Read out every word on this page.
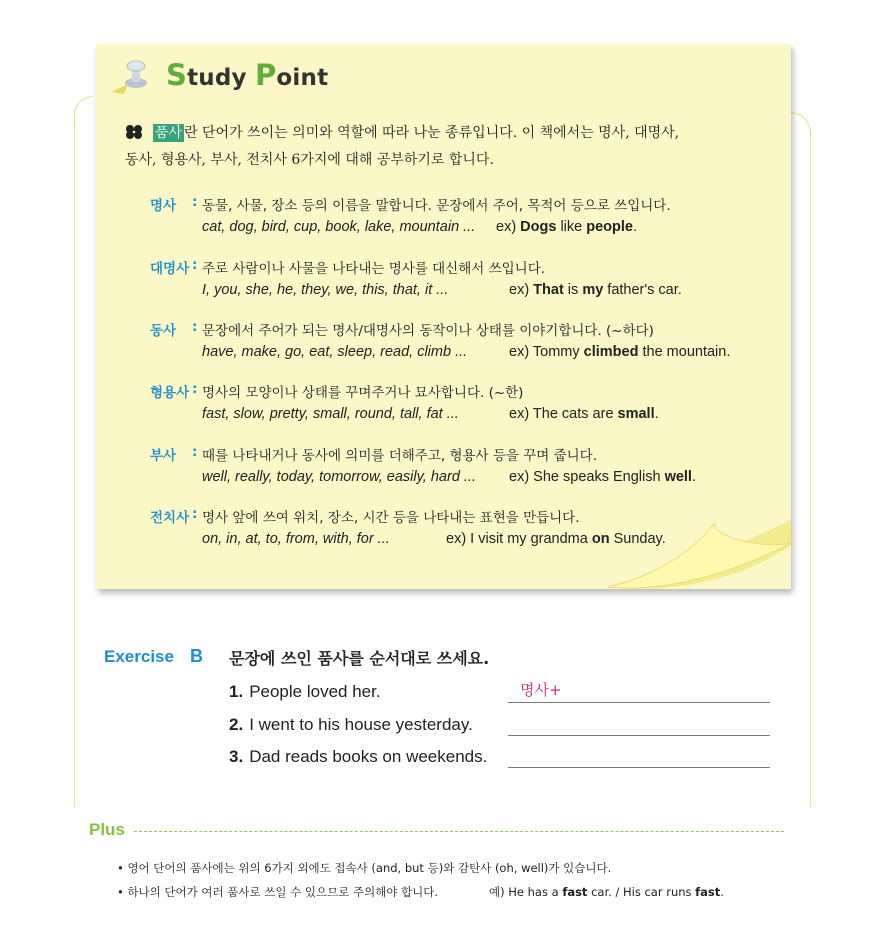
Study Point
품사 란 단어가 쓰이는 의미와 역할에 따라 나눈 종류입니다. 이 책에서는 명사, 대명사,
동사, 형용사, 부사, 전치사 6가지에 대해 공부하기로 합니다.
명사 : 동물, 사물, 장소 등의 이름을 말합니다. 문장에서 주어, 목적어 등으로 쓰입니다.
cat, dog, bird, cup, book, lake, mountain ... ex) Dogs like people.
대명사 : 주로 사람이나 사물을 나타내는 명사를 대신해서 쓰입니다.
I, you, she, he, they, we, this, that, it ...	ex) That is my father's car.
동사 : 문장에서 주어가 되는 명사/대명사의 동작이나 상태를 이야기합니다. (~하다)
have, make, go, eat, sleep, read, climb ...	ex) Tommy climbed the mountain.
형용사 : 명사의 모양이나 상태를 꾸며주거나 묘사합니다. (~한)
fast, slow, pretty, small, round, tall, fat ...	ex) The cats are small.
부사 : 때를 나타내거나 동사에 의미를 더해주고, 형용사 등을 꾸며 줍니다.
well, really, today, tomorrow, easily, hard ... ex) She speaks English well.
전치사 : 명사 앞에 쓰여 위치, 장소, 시간 등을 나타내는 표현을 만듭니다.
on, in, at, to, from, with, for ...	ex) I visit my grandma on Sunday.
Exercise B 문장에 쓰인 품사를 순서대로 쓰세요.
1. People loved her.
2. I went to his house yesterday.
3. Dad reads books on weekends.
명사+
Plus
• 영어 단어의 품사에는 위의 6가지 외에도 접속사 (and, but 등)와 감탄사 (oh, well)가 있습니다.
• 하나의 단어가 여러 품사로 쓰일 수 있으므로 주의해야 합니다.	예) He has a fast car. / His car runs fast.
